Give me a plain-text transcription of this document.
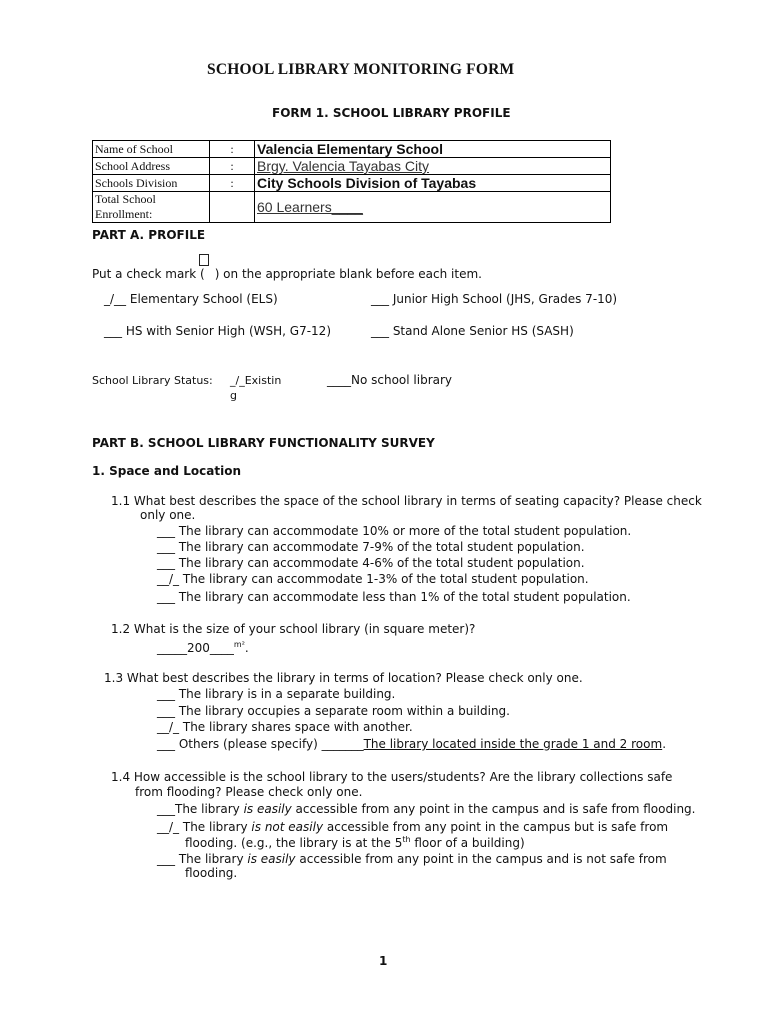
SCHOOL LIBRARY MONITORING FORM
FORM 1. SCHOOL LIBRARY PROFILE
Name of School	:	Valencia Elementary School
School Address	:	Brgy. Valencia Tayabas City
Schools Division	:	City Schools Division of Tayabas
Total School Enrollment:		60 Learners____
PART A. PROFILE
Put a check mark ( ) on the appropriate blank before each item.
_/__ Elementary School (ELS)	___ Junior High School (JHS, Grades 7-10)
___ HS with Senior High (WSH, G7-12)	___ Stand Alone Senior HS (SASH)
School Library Status: _/_Existin
g
____No school library
PART B. SCHOOL LIBRARY FUNCTIONALITY SURVEY
1. Space and Location
1.1 What best describes the space of the school library in terms of seating capacity? Please check
only one.
___ The library can accommodate 10% or more of the total student population.
___ The library can accommodate 7-9% of the total student population.
___ The library can accommodate 4-6% of the total student population.
__/_ The library can accommodate 1-3% of the total student population.
___ The library can accommodate less than 1% of the total student population.
1.2 What is the size of your school library (in square meter)?
_____200____$^{m^2}$.
1.3 What best describes the library in terms of location? Please check only one.
___ The library is in a separate building.
___ The library occupies a separate room within a building.
__/_ The library shares space with another.
___ Others (please specify) _______The library located inside the grade 1 and 2 room.
1.4 How accessible is the school library to the users/students? Are the library collections safe
from flooding? Please check only one.
___The library is easily accessible from any point in the campus and is safe from flooding.
__/_ The library is not easily accessible from any point in the campus but is safe from
flooding. (e.g., the library is at the 5th floor of a building)
___ The library is easily accessible from any point in the campus and is not safe from
flooding.
1
